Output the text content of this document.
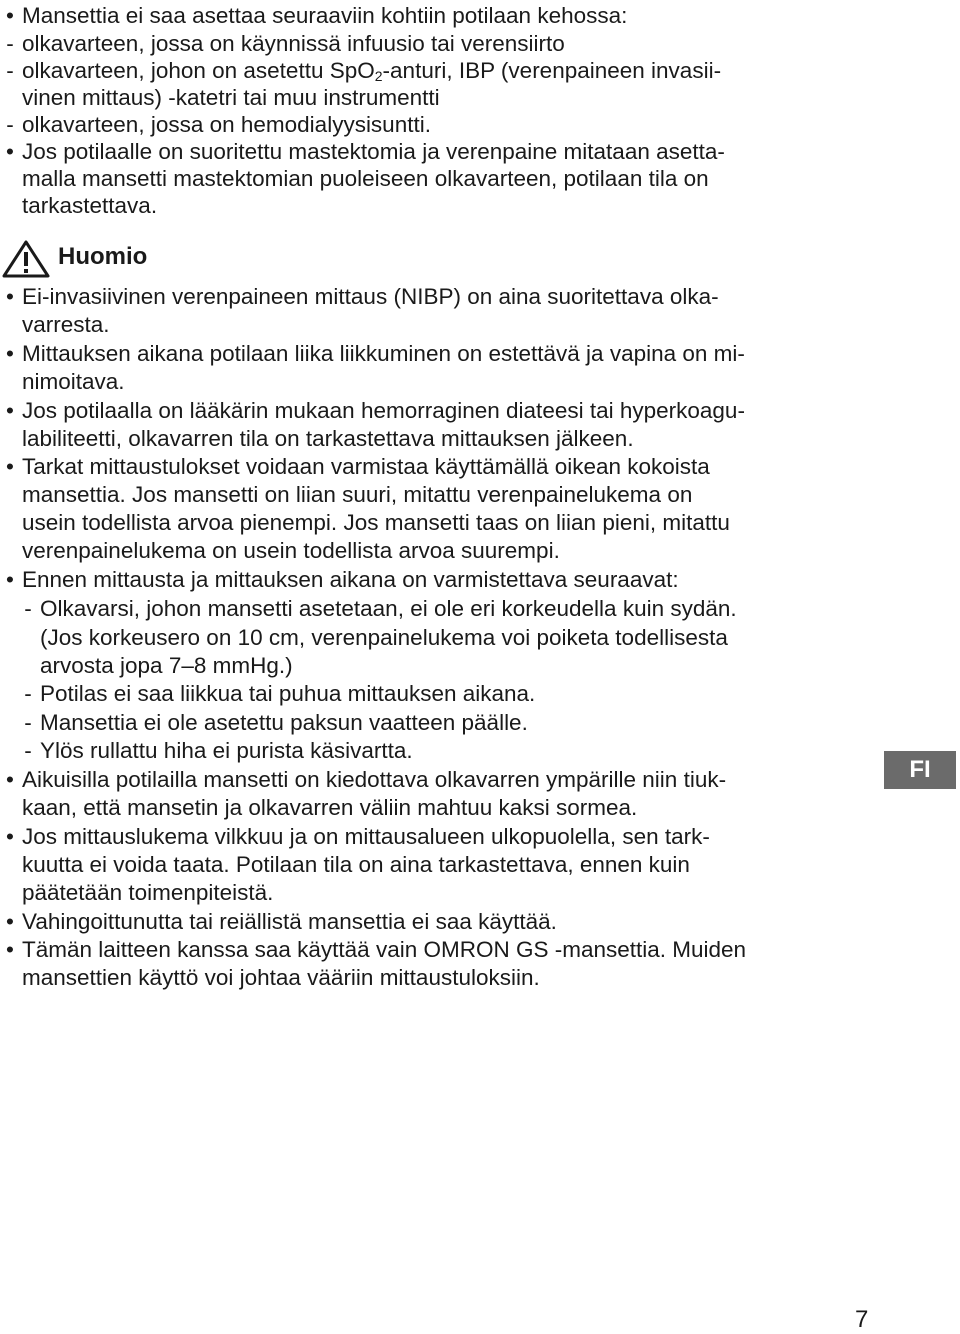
• Mansettia ei saa asettaa seuraaviin kohtiin potilaan kehossa:
- olkavarteen, jossa on käynnissä infuusio tai verensiirto
- olkavarteen, johon on asetettu SpO$_2$-anturi, IBP (verenpaineen invasii-
vinen mittaus) -katetri tai muu instrumentti
- olkavarteen, jossa on hemodialyysisuntti.
• Jos potilaalle on suoritettu mastektomia ja verenpaine mitataan asetta-
malla mansetti mastektomian puoleiseen olkavarteen, potilaan tila on
tarkastettava.
Huomio
• Ei-invasiivinen verenpaineen mittaus (NIBP) on aina suoritettava olka-
varresta.
• Mittauksen aikana potilaan liika liikkuminen on estettävä ja vapina on mi-
nimoitava.
• Jos potilaalla on lääkärin mukaan hemorraginen diateesi tai hyperkoagu-
labiliteetti, olkavarren tila on tarkastettava mittauksen jälkeen.
• Tarkat mittaustulokset voidaan varmistaa käyttämällä oikean kokoista
mansettia. Jos mansetti on liian suuri, mitattu verenpainelukema on
usein todellista arvoa pienempi. Jos mansetti taas on liian pieni, mitattu
verenpainelukema on usein todellista arvoa suurempi.
• Ennen mittausta ja mittauksen aikana on varmistettava seuraavat:
- Olkavarsi, johon mansetti asetetaan, ei ole eri korkeudella kuin sydän.
(Jos korkeusero on 10 cm, verenpainelukema voi poiketa todellisesta
arvosta jopa 7–8 mmHg.)
- Potilas ei saa liikkua tai puhua mittauksen aikana.
- Mansettia ei ole asetettu paksun vaatteen päälle.
- Ylös rullattu hiha ei purista käsivartta.
• Aikuisilla potilailla mansetti on kiedottava olkavarren ympärille niin tiuk-
kaan, että mansetin ja olkavarren väliin mahtuu kaksi sormea.
• Jos mittauslukema vilkkuu ja on mittausalueen ulkopuolella, sen tark-
kuutta ei voida taata. Potilaan tila on aina tarkastettava, ennen kuin
päätetään toimenpiteistä.
• Vahingoittunutta tai reiällistä mansettia ei saa käyttää.
• Tämän laitteen kanssa saa käyttää vain OMRON GS -mansettia. Muiden
mansettien käyttö voi johtaa vääriin mittaustuloksiin.
FI
7
